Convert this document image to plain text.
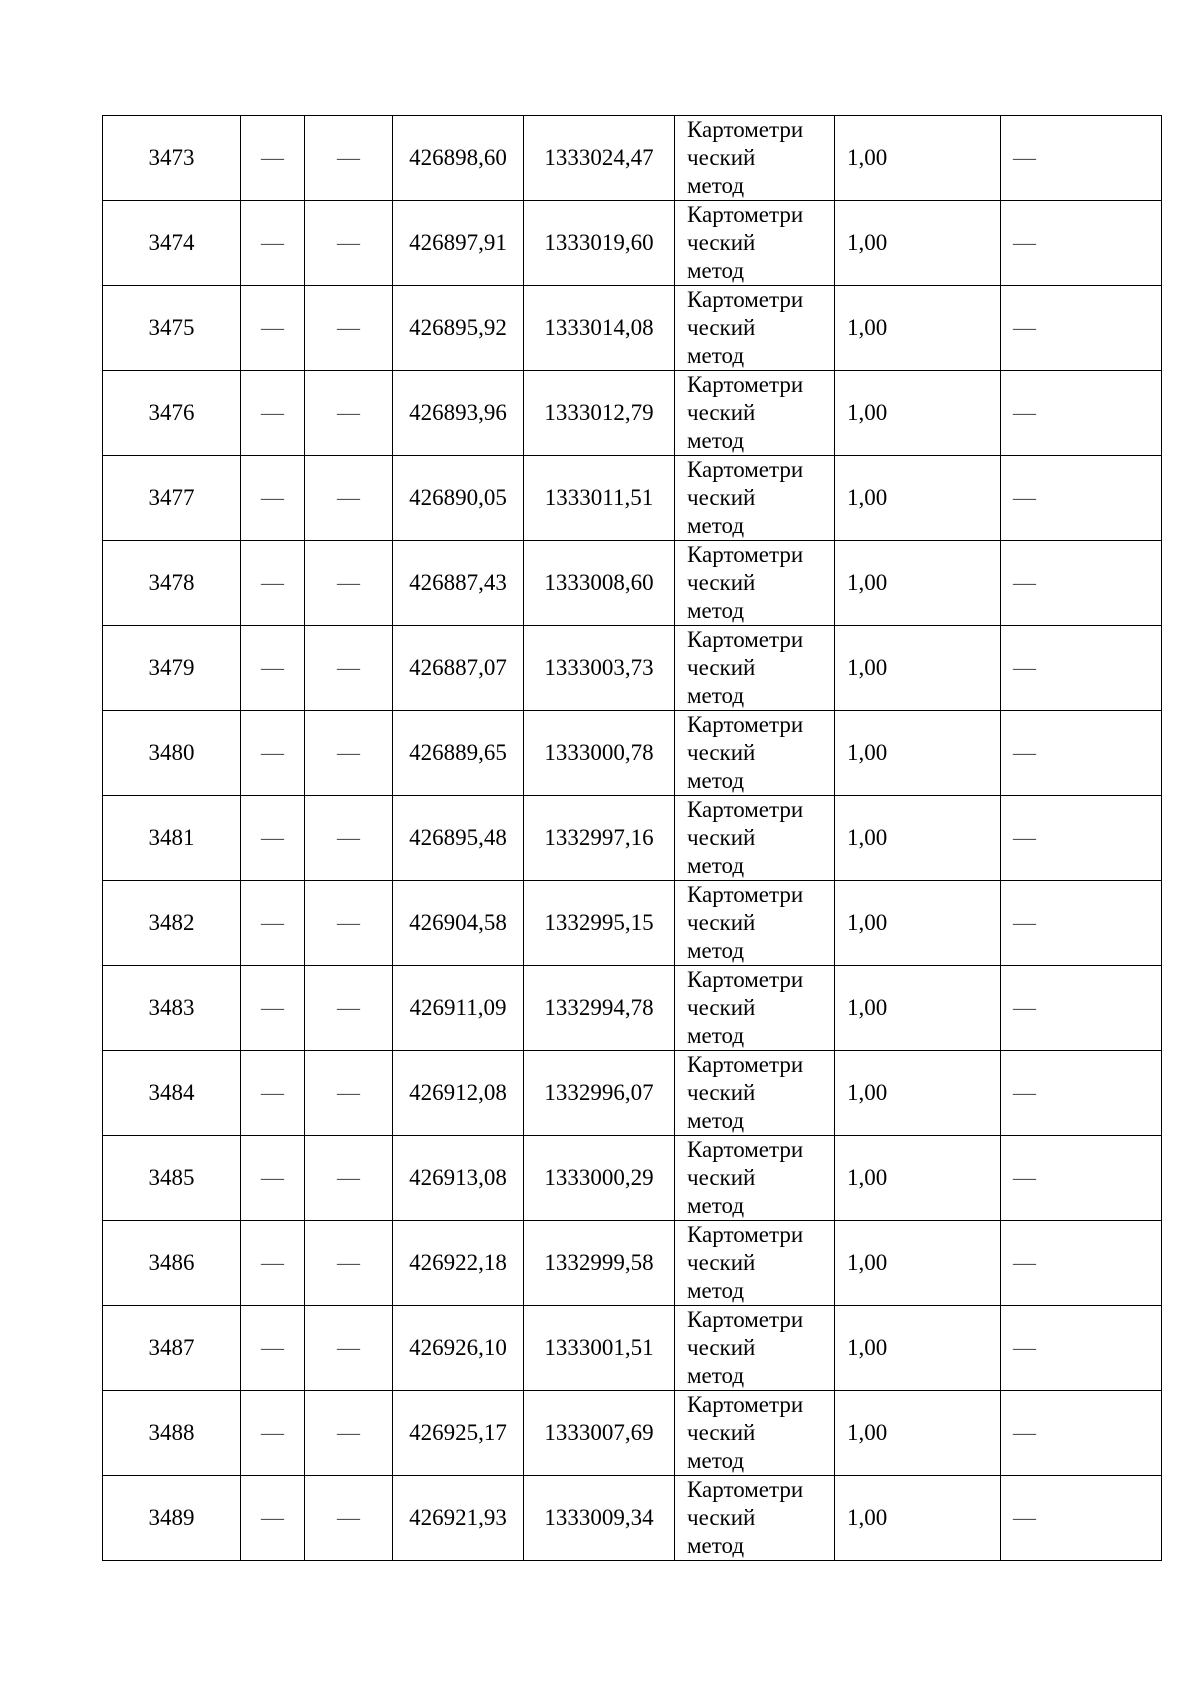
3473	—	—	426898,60	1333024,47	Картометри
ческий
метод	1,00	—
3474	—	—	426897,91	1333019,60	Картометри
ческий
метод	1,00	—
3475	—	—	426895,92	1333014,08	Картометри
ческий
метод	1,00	—
3476	—	—	426893,96	1333012,79	Картометри
ческий
метод	1,00	—
3477	—	—	426890,05	1333011,51	Картометри
ческий
метод	1,00	—
3478	—	—	426887,43	1333008,60	Картометри
ческий
метод	1,00	—
3479	—	—	426887,07	1333003,73	Картометри
ческий
метод	1,00	—
3480	—	—	426889,65	1333000,78	Картометри
ческий
метод	1,00	—
3481	—	—	426895,48	1332997,16	Картометри
ческий
метод	1,00	—
3482	—	—	426904,58	1332995,15	Картометри
ческий
метод	1,00	—
3483	—	—	426911,09	1332994,78	Картометри
ческий
метод	1,00	—
3484	—	—	426912,08	1332996,07	Картометри
ческий
метод	1,00	—
3485	—	—	426913,08	1333000,29	Картометри
ческий
метод	1,00	—
3486	—	—	426922,18	1332999,58	Картометри
ческий
метод	1,00	—
3487	—	—	426926,10	1333001,51	Картометри
ческий
метод	1,00	—
3488	—	—	426925,17	1333007,69	Картометри
ческий
метод	1,00	—
3489	—	—	426921,93	1333009,34	Картометри
ческий
метод	1,00	—
